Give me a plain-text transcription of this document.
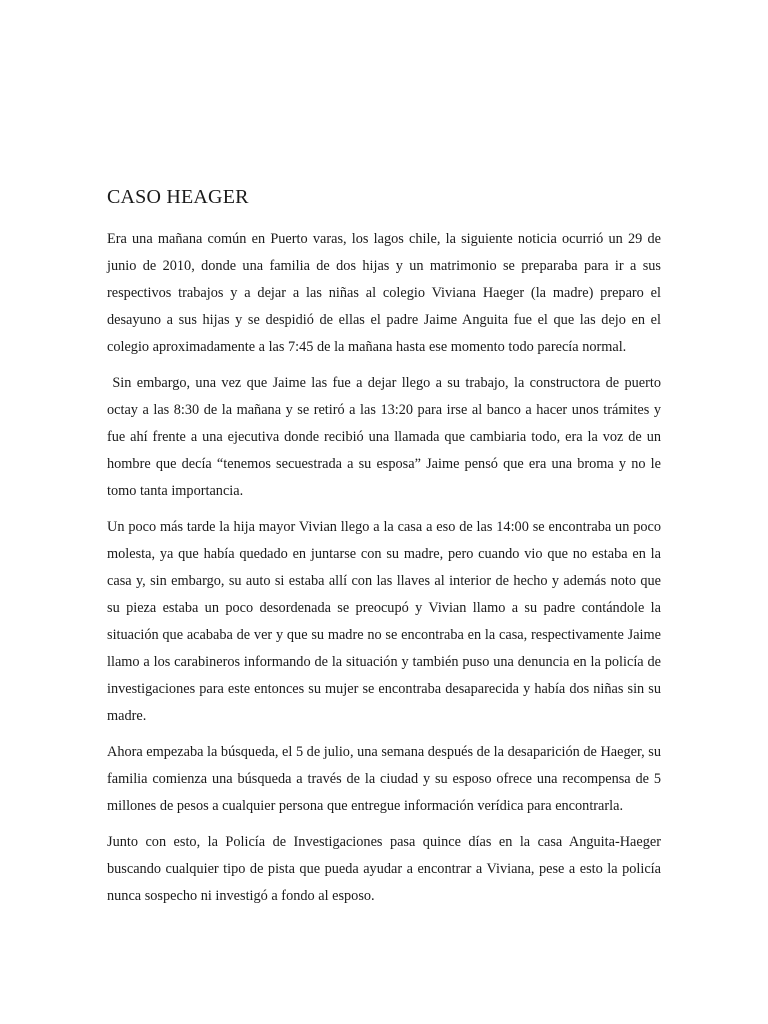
CASO HEAGER

Era una mañana común en Puerto varas, los lagos chile, la siguiente noticia ocurrió un 29 de junio de 2010, donde una familia de dos hijas y un matrimonio se preparaba para ir a sus respectivos trabajos y a dejar a las niñas al colegio Viviana Haeger (la madre) preparo el desayuno a sus hijas y se despidió de ellas el padre Jaime Anguita fue el que las dejo en el colegio aproximadamente a las 7:45 de la mañana hasta ese momento todo parecía normal.

Sin embargo, una vez que Jaime las fue a dejar llego a su trabajo, la constructora de puerto octay a las 8:30 de la mañana y se retiró a las 13:20 para irse al banco a hacer unos trámites y fue ahí frente a una ejecutiva donde recibió una llamada que cambiaria todo, era la voz de un hombre que decía “tenemos secuestrada a su esposa” Jaime pensó que era una broma y no le tomo tanta importancia.

Un poco más tarde la hija mayor Vivian llego a la casa a eso de las 14:00 se encontraba un poco molesta, ya que había quedado en juntarse con su madre, pero cuando vio que no estaba en la casa y, sin embargo, su auto si estaba allí con las llaves al interior de hecho y además noto que su pieza estaba un poco desordenada se preocupó y Vivian llamo a su padre contándole la situación que acababa de ver y que su madre no se encontraba en la casa, respectivamente Jaime llamo a los carabineros informando de la situación y también puso una denuncia en la policía de investigaciones para este entonces su mujer se encontraba desaparecida y había dos niñas sin su madre.

Ahora empezaba la búsqueda, el 5 de julio, una semana después de la desaparición de Haeger, su familia comienza una búsqueda a través de la ciudad y su esposo ofrece una recompensa de 5 millones de pesos a cualquier persona que entregue información verídica para encontrarla.

Junto con esto, la Policía de Investigaciones pasa quince días en la casa Anguita-Haeger buscando cualquier tipo de pista que pueda ayudar a encontrar a Viviana, pese a esto la policía nunca sospecho ni investigó a fondo al esposo.
